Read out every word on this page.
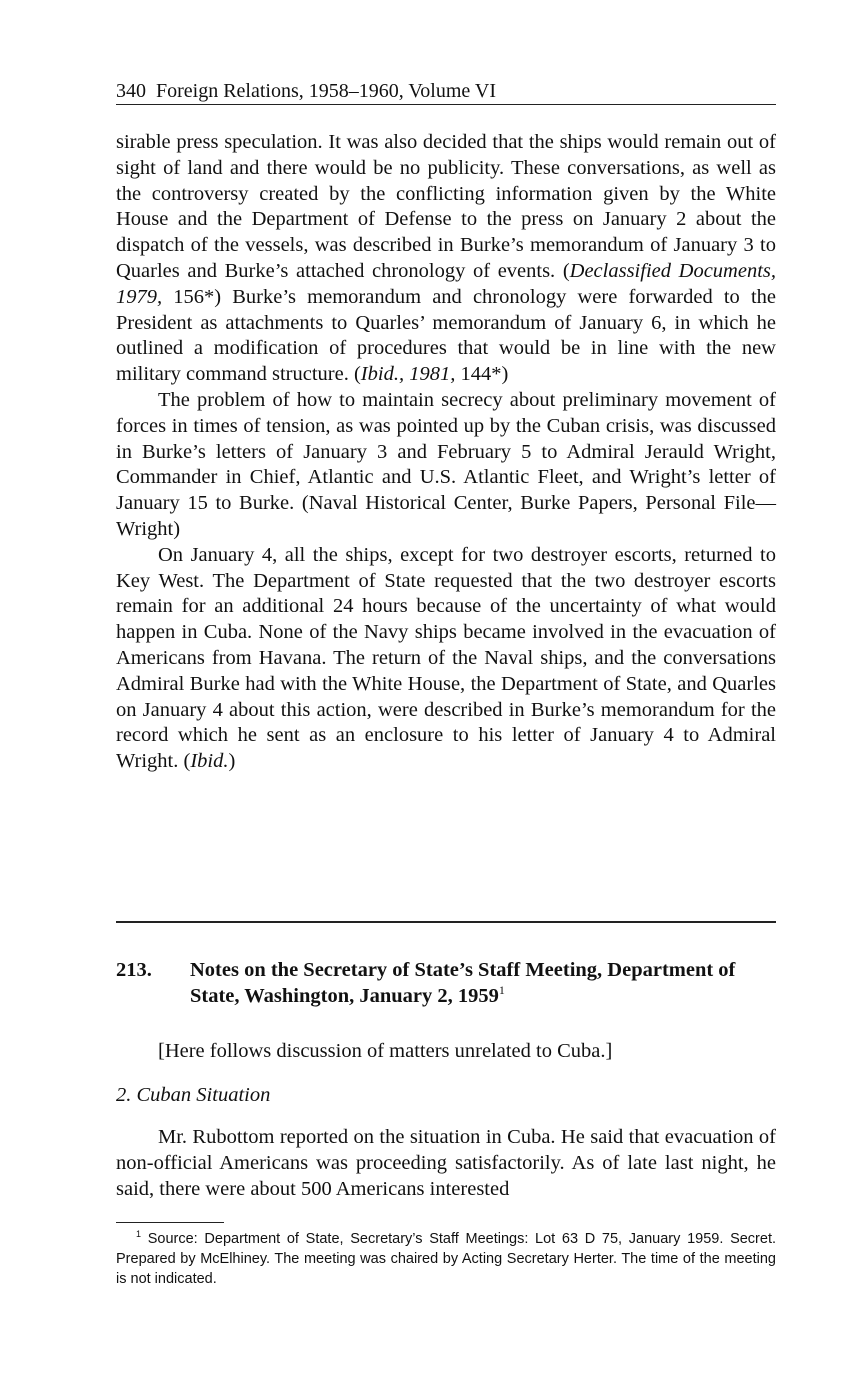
340 Foreign Relations, 1958–1960, Volume VI

sirable press speculation. It was also decided that the ships would remain out of sight of land and there would be no publicity. These conversations, as well as the controversy created by the conflicting information given by the White House and the Department of Defense to the press on January 2 about the dispatch of the vessels, was described in Burke’s memorandum of January 3 to Quarles and Burke’s attached chronology of events. (Declassified Documents, 1979, 156*) Burke’s memorandum and chronology were forwarded to the President as attachments to Quarles’ memorandum of January 6, in which he outlined a modification of procedures that would be in line with the new military command structure. (Ibid., 1981, 144*)

The problem of how to maintain secrecy about preliminary movement of forces in times of tension, as was pointed up by the Cuban crisis, was discussed in Burke’s letters of January 3 and February 5 to Admiral Jerauld Wright, Commander in Chief, Atlantic and U.S. Atlantic Fleet, and Wright’s letter of January 15 to Burke. (Naval Historical Center, Burke Papers, Personal File—Wright)

On January 4, all the ships, except for two destroyer escorts, returned to Key West. The Department of State requested that the two destroyer escorts remain for an additional 24 hours because of the uncertainty of what would happen in Cuba. None of the Navy ships became involved in the evacuation of Americans from Havana. The return of the Naval ships, and the conversations Admiral Burke had with the White House, the Department of State, and Quarles on January 4 about this action, were described in Burke’s memorandum for the record which he sent as an enclosure to his letter of January 4 to Admiral Wright. (Ibid.)

213. Notes on the Secretary of State’s Staff Meeting, Department of State, Washington, January 2, 1959$^1$
[Here follows discussion of matters unrelated to Cuba.]
2. Cuban Situation
Mr. Rubottom reported on the situation in Cuba. He said that evacuation of non-official Americans was proceeding satisfactorily. As of late last night, he said, there were about 500 Americans interested
$^1$ Source: Department of State, Secretary’s Staff Meetings: Lot 63 D 75, January 1959. Secret. Prepared by McElhiney. The meeting was chaired by Acting Secretary Herter. The time of the meeting is not indicated.
